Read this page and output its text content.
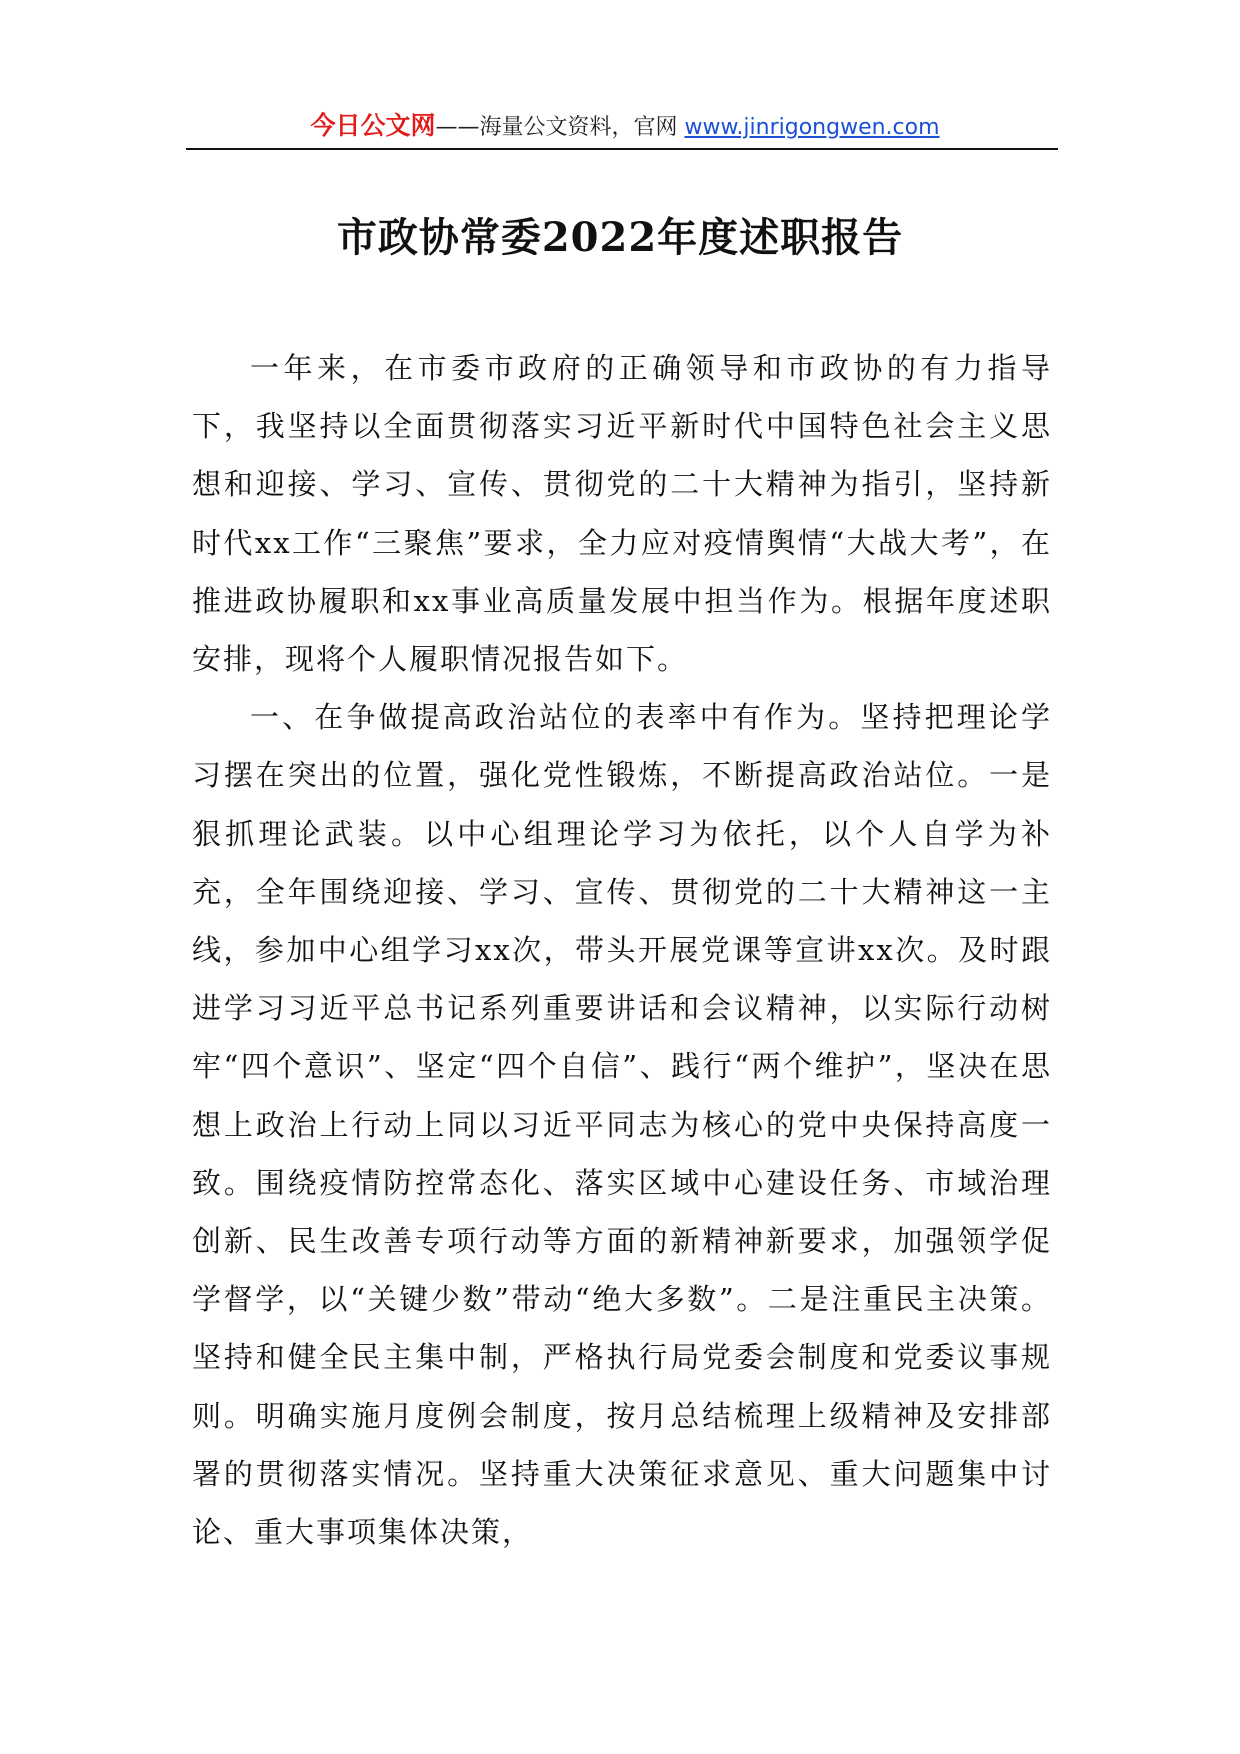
今日公文网——海量公文资料，官网 www.jinrigongwen.com
市政协常委2022年度述职报告

一年来，在市委市政府的正确领导和市政协的有力指导下，我坚持以全面贯彻落实习近平新时代中国特色社会主义思想和迎接、学习、宣传、贯彻党的二十大精神为指引，坚持新时代xx工作“三聚焦”要求，全力应对疫情舆情“大战大考”，在推进政协履职和xx事业高质量发展中担当作为。根据年度述职安排，现将个人履职情况报告如下。

一、在争做提高政治站位的表率中有作为。坚持把理论学习摆在突出的位置，强化党性锻炼，不断提高政治站位。一是狠抓理论武装。以中心组理论学习为依托，以个人自学为补充，全年围绕迎接、学习、宣传、贯彻党的二十大精神这一主线，参加中心组学习xx次，带头开展党课等宣讲xx次。及时跟进学习习近平总书记系列重要讲话和会议精神，以实际行动树牢“四个意识”、坚定“四个自信”、践行“两个维护”，坚决在思想上政治上行动上同以习近平同志为核心的党中央保持高度一致。围绕疫情防控常态化、落实区域中心建设任务、市域治理创新、民生改善专项行动等方面的新精神新要求，加强领学促学督学，以“关键少数”带动“绝大多数”。二是注重民主决策。坚持和健全民主集中制，严格执行局党委会制度和党委议事规则。明确实施月度例会制度，按月总结梳理上级精神及安排部署的贯彻落实情况。坚持重大决策征求意见、重大问题集中讨论、重大事项集体决策，
